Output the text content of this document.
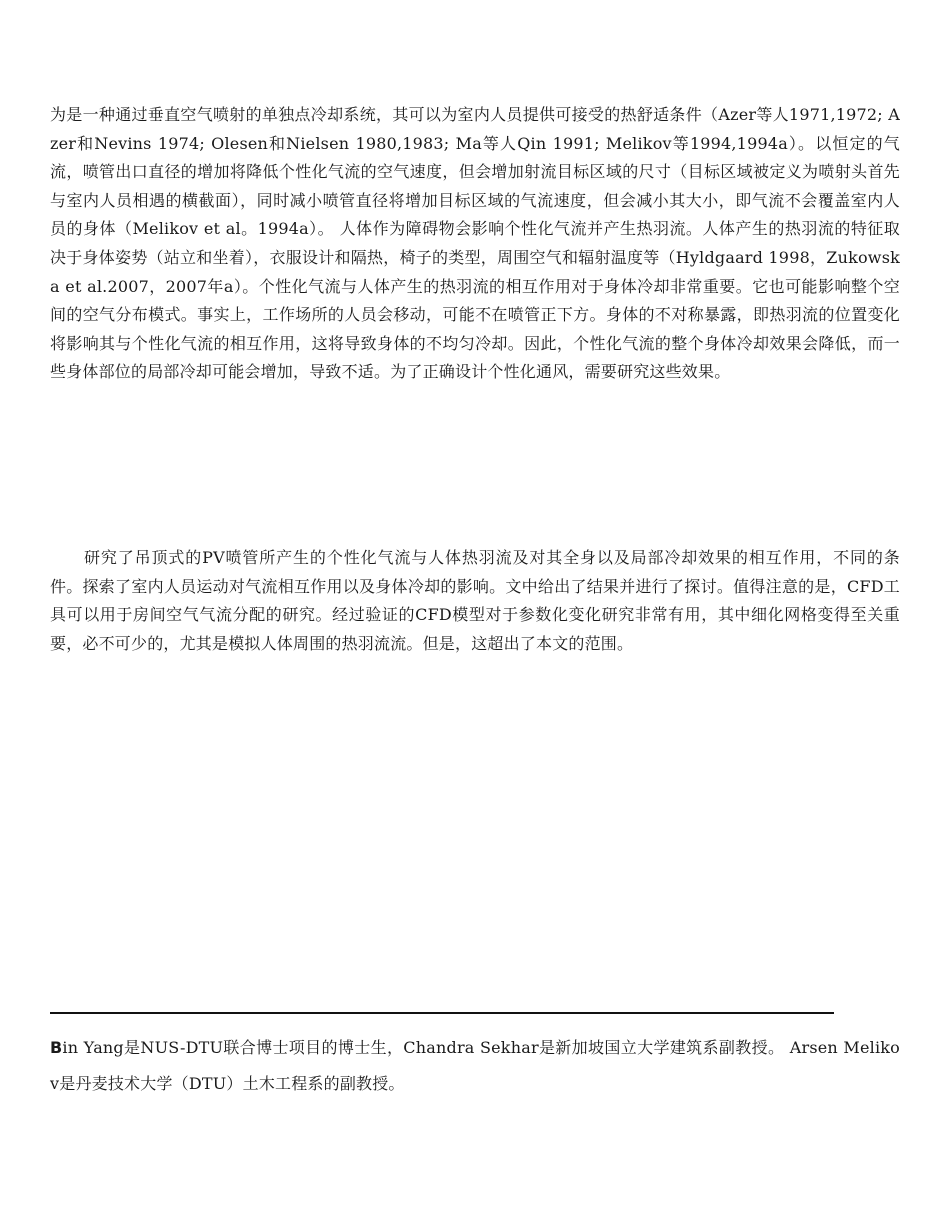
为是一种通过垂直空气喷射的单独点冷却系统，其可以为室内人员提供可接受的热舒适条件（Azer等人1971,1972; Azer和Nevins 1974; Olesen和Nielsen 1980,1983; Ma等人Qin 1991; Melikov等1994,1994a）。以恒定的气流，喷管出口直径的增加将降低个性化气流的空气速度，但会增加射流目标区域的尺寸（目标区域被定义为喷射头首先与室内人员相遇的横截面），同时减小喷管直径将增加目标区域的气流速度，但会减小其大小，即气流不会覆盖室内人员的身体（Melikov et al。1994a）。 人体作为障碍物会影响个性化气流并产生热羽流。人体产生的热羽流的特征取决于身体姿势（站立和坐着），衣服设计和隔热，椅子的类型，周围空气和辐射温度等（Hyldgaard 1998，Zukowska et al.2007，2007年a）。个性化气流与人体产生的热羽流的相互作用对于身体冷却非常重要。它也可能影响整个空间的空气分布模式。事实上，工作场所的人员会移动，可能不在喷管正下方。身体的不对称暴露，即热羽流的位置变化将影响其与个性化气流的相互作用，这将导致身体的不均匀冷却。因此，个性化气流的整个身体冷却效果会降低，而一些身体部位的局部冷却可能会增加，导致不适。为了正确设计个性化通风，需要研究这些效果。

研究了吊顶式的PV喷管所产生的个性化气流与人体热羽流及对其全身以及局部冷却效果的相互作用，不同的条件。探索了室内人员运动对气流相互作用以及身体冷却的影响。文中给出了结果并进行了探讨。值得注意的是，CFD工具可以用于房间空气气流分配的研究。经过验证的CFD模型对于参数化变化研究非常有用，其中细化网格变得至关重要，必不可少的，尤其是模拟人体周围的热羽流流。但是，这超出了本文的范围。

Bin Yang是NUS-DTU联合博士项目的博士生，Chandra Sekhar是新加坡国立大学建筑系副教授。 Arsen Melikov是丹麦技术大学（DTU）土木工程系的副教授。
